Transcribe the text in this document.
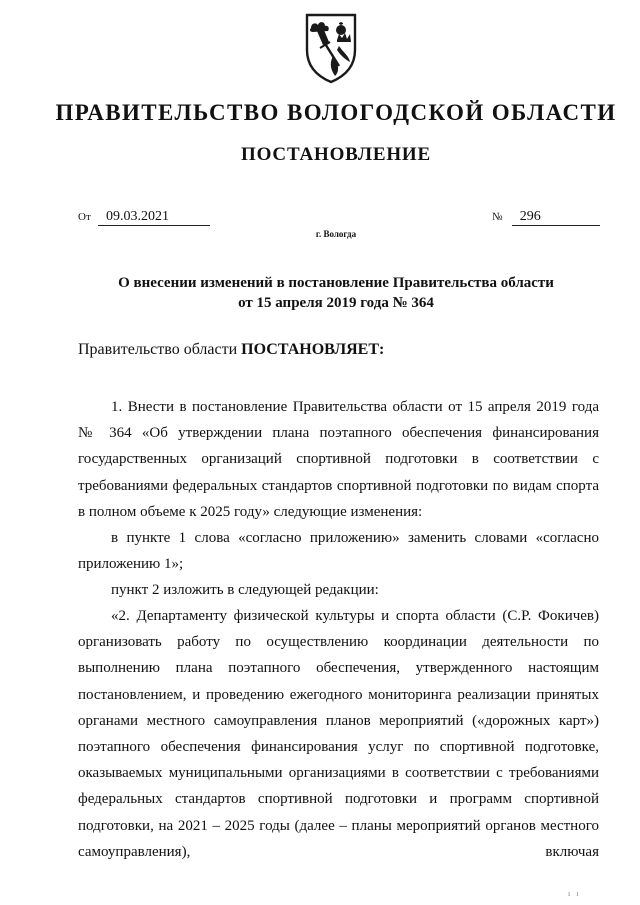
ПРАВИТЕЛЬСТВО ВОЛОГОДСКОЙ ОБЛАСТИ
ПОСТАНОВЛЕНИЕ
От 09.03.2021	№ 296
г. Вологда
О внесении изменений в постановление Правительства области
от 15 апреля 2019 года № 364
Правительство области ПОСТАНОВЛЯЕТ:

1. Внести в постановление Правительства области от 15 апреля 2019 года № 364 «Об утверждении плана поэтапного обеспечения финансирования государственных организаций спортивной подготовки в соответствии с требованиями федеральных стандартов спортивной подготовки по видам спорта в полном объеме к 2025 году» следующие изменения:

в пункте 1 слова «согласно приложению» заменить словами «согласно приложению 1»;

пункт 2 изложить в следующей редакции:

«2. Департаменту физической культуры и спорта области (С.Р. Фокичев) организовать работу по осуществлению координации деятельности по выполнению плана поэтапного обеспечения, утвержденного настоящим постановлением, и проведению ежегодного мониторинга реализации принятых органами местного самоуправления планов мероприятий («дорожных карт») поэтапного обеспечения финансирования услуг по спортивной подготовке, оказываемых муниципальными организациями в соответствии с требованиями федеральных стандартов спортивной подготовки и программ спортивной подготовки, на 2021 – 2025 годы (далее – планы мероприятий органов местного самоуправления), включая

ı ı
